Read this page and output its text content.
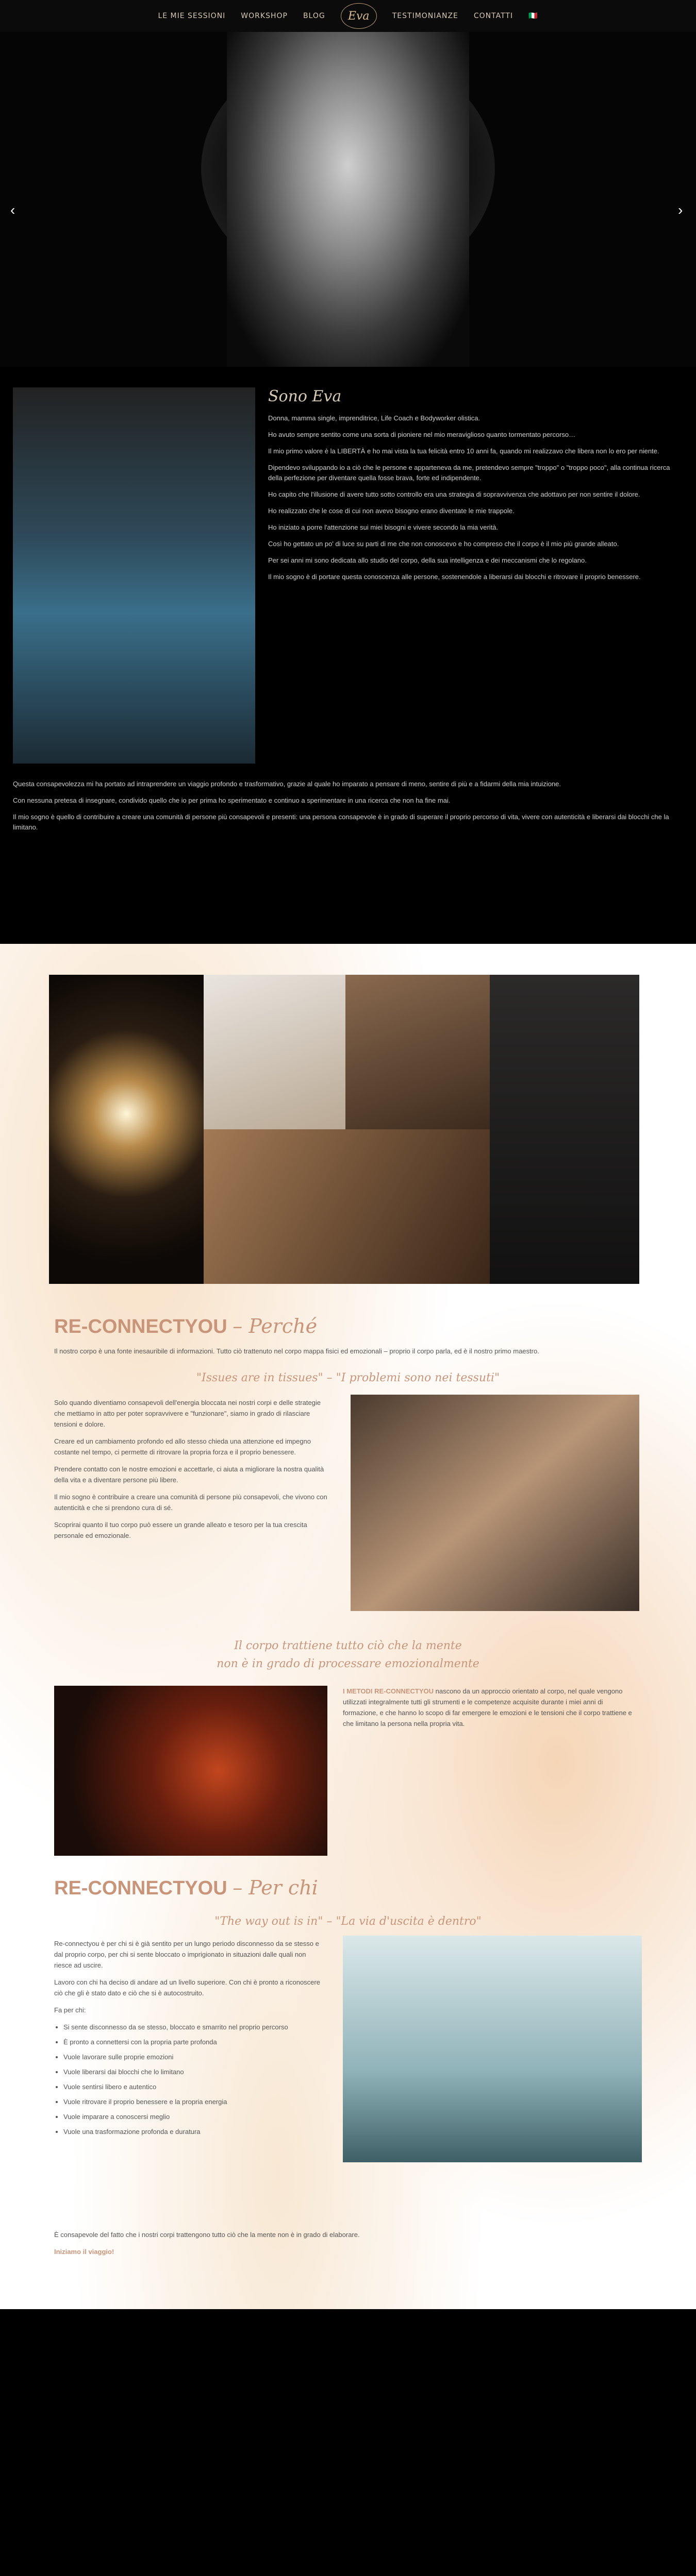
LE MIE SESSIONI WORKSHOP BLOG	Eva	TESTIMONIANZE CONTATTI 🇮🇹
‹	›
Sono Eva

Donna, mamma single, imprenditrice, Life Coach e Bodyworker olistica.

Ho avuto sempre sentito come una sorta di pioniere nel mio meraviglioso quanto tormentato percorso…

Il mio primo valore è la LIBERTÀ e ho mai vista la tua felicità entro 10 anni fa, quando mi realizzavo che libera non lo ero per niente.

Dipendevo sviluppando io a ciò che le persone e apparteneva da me, pretendevo sempre "troppo" o "troppo poco", alla continua ricerca della perfezione per diventare quella fosse brava, forte ed indipendente.

Ho capito che l'illusione di avere tutto sotto controllo era una strategia di sopravvivenza che adottavo per non sentire il dolore.

Ho realizzato che le cose di cui non avevo bisogno erano diventate le mie trappole.

Ho iniziato a porre l'attenzione sui miei bisogni e vivere secondo la mia verità.

Così ho gettato un po' di luce su parti di me che non conoscevo e ho compreso che il corpo è il mio più grande alleato.

Per sei anni mi sono dedicata allo studio del corpo, della sua intelligenza e dei meccanismi che lo regolano.

Il mio sogno è di portare questa conoscenza alle persone, sostenendole a liberarsi dai blocchi e ritrovare il proprio benessere.

Questa consapevolezza mi ha portato ad intraprendere un viaggio profondo e trasformativo, grazie al quale ho imparato a pensare di meno, sentire di più e a fidarmi della mia intuizione.

Con nessuna pretesa di insegnare, condivido quello che io per prima ho sperimentato e continuo a sperimentare in una ricerca che non ha fine mai.

Il mio sogno è quello di contribuire a creare una comunità di persone più consapevoli e presenti: una persona consapevole è in grado di superare il proprio percorso di vita, vivere con autenticità e liberarsi dai blocchi che la limitano.

RE-CONNECTYOU – Perché
Il nostro corpo è una fonte inesauribile di informazioni. Tutto ciò trattenuto nel corpo mappa fisici ed emozionali – proprio il corpo parla, ed è il nostro primo maestro.
"Issues are in tissues" – "I problemi sono nei tessuti"

Solo quando diventiamo consapevoli dell'energia bloccata nei nostri corpi e delle strategie che mettiamo in atto per poter sopravvivere e "funzionare", siamo in grado di rilasciare tensioni e dolore.

Creare ed un cambiamento profondo ed allo stesso chieda una attenzione ed impegno costante nel tempo, ci permette di ritrovare la propria forza e il proprio benessere.

Prendere contatto con le nostre emozioni e accettarle, ci aiuta a migliorare la nostra qualità della vita e a diventare persone più libere.

Il mio sogno è contribuire a creare una comunità di persone più consapevoli, che vivono con autenticità e che si prendono cura di sé.

Scoprirai quanto il tuo corpo può essere un grande alleato e tesoro per la tua crescita personale ed emozionale.

Il corpo trattiene tutto ciò che la mente
non è in grado di processare emozionalmente

I METODI RE-CONNECTYOU nascono da un approccio orientato al corpo, nel quale vengono utilizzati integralmente tutti gli strumenti e le competenze acquisite durante i miei anni di formazione, e che hanno lo scopo di far emergere le emozioni e le tensioni che il corpo trattiene e che limitano la persona nella propria vita.

RE-CONNECTYOU – Per chi
"The way out is in" – "La via d'uscita è dentro"

Re-connectyou è per chi si è già sentito per un lungo periodo disconnesso da se stesso e dal proprio corpo, per chi si sente bloccato o imprigionato in situazioni dalle quali non riesce ad uscire.

Lavoro con chi ha deciso di andare ad un livello superiore. Con chi è pronto a riconoscere ciò che gli è stato dato e ciò che si è autocostruito.

Fa per chi:

• Si sente disconnesso da se stesso, bloccato e smarrito nel proprio percorso
• È pronto a connettersi con la propria parte profonda
• Vuole lavorare sulle proprie emozioni
• Vuole liberarsi dai blocchi che lo limitano
• Vuole sentirsi libero e autentico
• Vuole ritrovare il proprio benessere e la propria energia
• Vuole imparare a conoscersi meglio
• Vuole una trasformazione profonda e duratura

È consapevole del fatto che i nostri corpi trattengono tutto ciò che la mente non è in grado di elaborare.

Iniziamo il viaggio!
